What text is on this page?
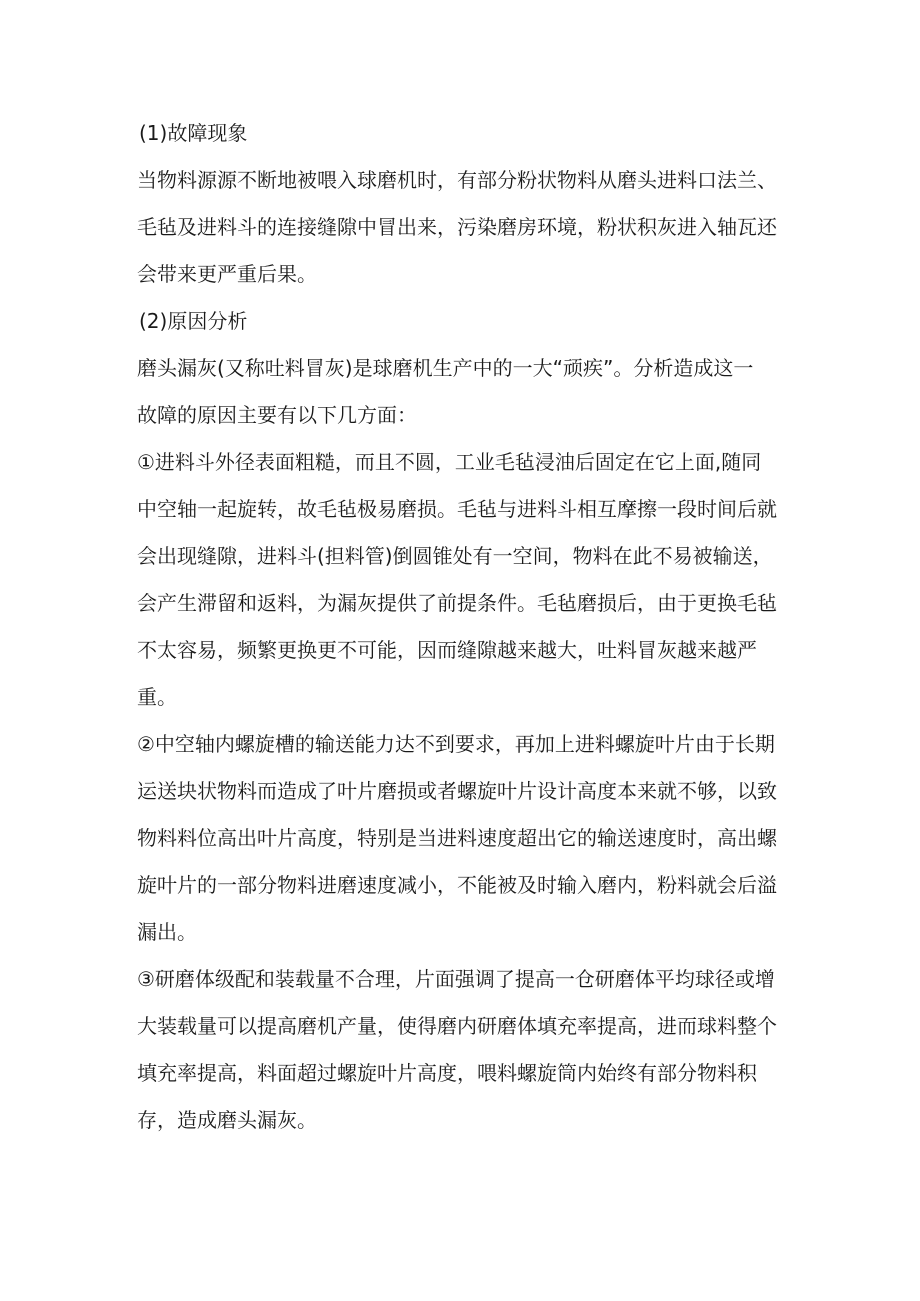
(1)故障现象
当物料源源不断地被喂入球磨机时，有部分粉状物料从磨头进料口法兰、
毛毡及进料斗的连接缝隙中冒出来，污染磨房环境，粉状积灰进入轴瓦还
会带来更严重后果。
(2)原因分析
磨头漏灰(又称吐料冒灰)是球磨机生产中的一大“顽疾”。分析造成这一
故障的原因主要有以下几方面：
①进料斗外径表面粗糙，而且不圆，工业毛毡浸油后固定在它上面,随同
中空轴一起旋转，故毛毡极易磨损。毛毡与进料斗相互摩擦一段时间后就
会出现缝隙，进料斗(担料管)倒圆锥处有一空间，物料在此不易被输送，
会产生滞留和返料，为漏灰提供了前提条件。毛毡磨损后，由于更换毛毡
不太容易，频繁更换更不可能，因而缝隙越来越大，吐料冒灰越来越严
重。
②中空轴内螺旋槽的输送能力达不到要求，再加上进料螺旋叶片由于长期
运送块状物料而造成了叶片磨损或者螺旋叶片设计高度本来就不够，以致
物料料位高出叶片高度，特别是当进料速度超出它的输送速度时，高出螺
旋叶片的一部分物料进磨速度减小，不能被及时输入磨内，粉料就会后溢
漏出。
③研磨体级配和装载量不合理，片面强调了提高一仓研磨体平均球径或增
大装载量可以提高磨机产量，使得磨内研磨体填充率提高，进而球料整个
填充率提高，料面超过螺旋叶片高度，喂料螺旋筒内始终有部分物料积
存，造成磨头漏灰。
